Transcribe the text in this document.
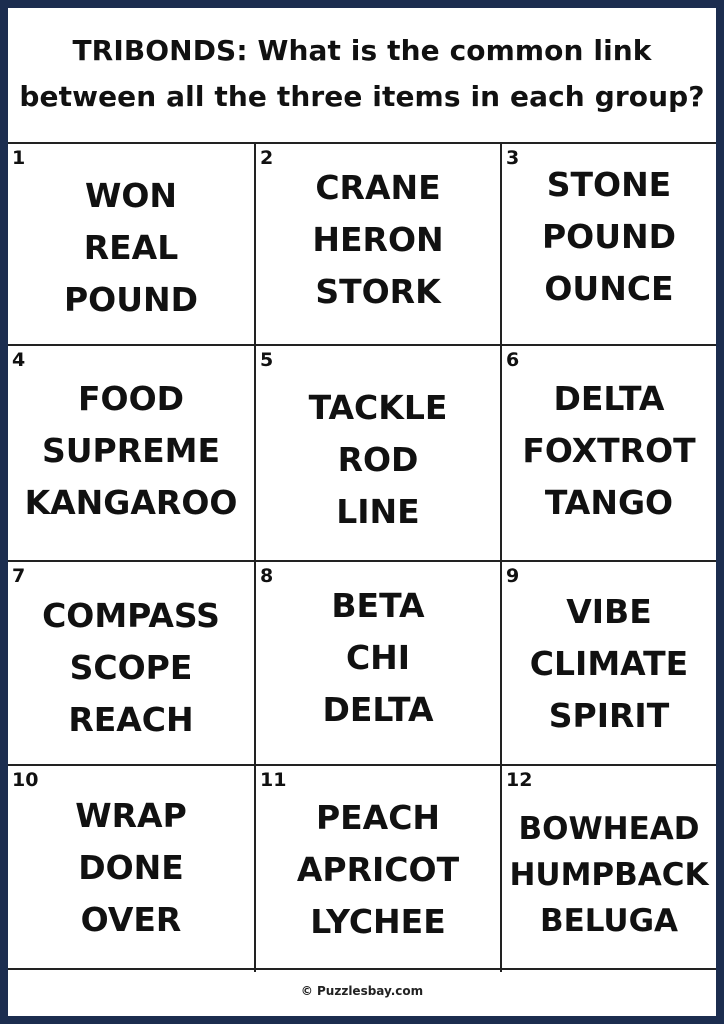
TRIBONDS: What is the common link
between all the three items in each group?
1
WON
REAL
POUND
2
CRANE
HERON
STORK
3
STONE
POUND
OUNCE
4
FOOD
SUPREME
KANGAROO
5
TACKLE
ROD
LINE
6
DELTA
FOXTROT
TANGO
7
COMPASS
SCOPE
REACH
8
BETA
CHI
DELTA
9
VIBE
CLIMATE
SPIRIT
10
WRAP
DONE
OVER
11
PEACH
APRICOT
LYCHEE
12
BOWHEAD
HUMPBACK
BELUGA
© Puzzlesbay.com
